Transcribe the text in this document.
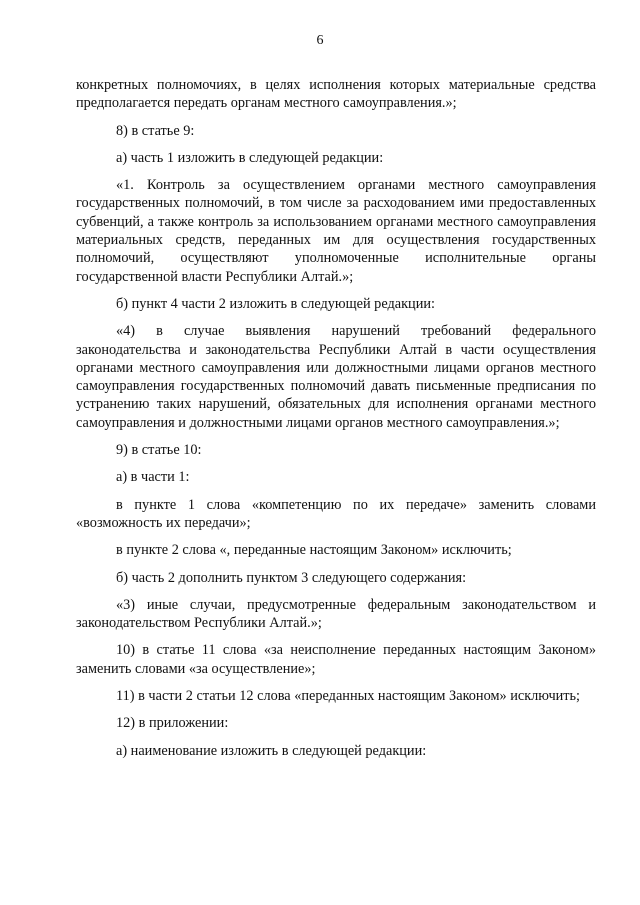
6

конкретных полномочиях, в целях исполнения которых материальные средства предполагается передать органам местного самоуправления.»;

8) в статье 9:

а) часть 1 изложить в следующей редакции:

«1. Контроль за осуществлением органами местного самоуправления государственных полномочий, в том числе за расходованием ими предоставленных субвенций, а также контроль за использованием органами местного самоуправления материальных средств, переданных им для осуществления государственных полномочий, осуществляют уполномоченные исполнительные органы государственной власти Республики Алтай.»;

б) пункт 4 части 2 изложить в следующей редакции:

«4) в случае выявления нарушений требований федерального законодательства и законодательства Республики Алтай в части осуществления органами местного самоуправления или должностными лицами органов местного самоуправления государственных полномочий давать письменные предписания по устранению таких нарушений, обязательных для исполнения органами местного самоуправления и должностными лицами органов местного самоуправления.»;

9) в статье 10:

а) в части 1:

в пункте 1 слова «компетенцию по их передаче» заменить словами «возможность их передачи»;

в пункте 2 слова «, переданные настоящим Законом» исключить;

б) часть 2 дополнить пунктом 3 следующего содержания:

«3) иные случаи, предусмотренные федеральным законодательством и законодательством Республики Алтай.»;

10) в статье 11 слова «за неисполнение переданных настоящим Законом» заменить словами «за осуществление»;

11) в части 2 статьи 12 слова «переданных настоящим Законом» исключить;

12) в приложении:

а) наименование изложить в следующей редакции:
